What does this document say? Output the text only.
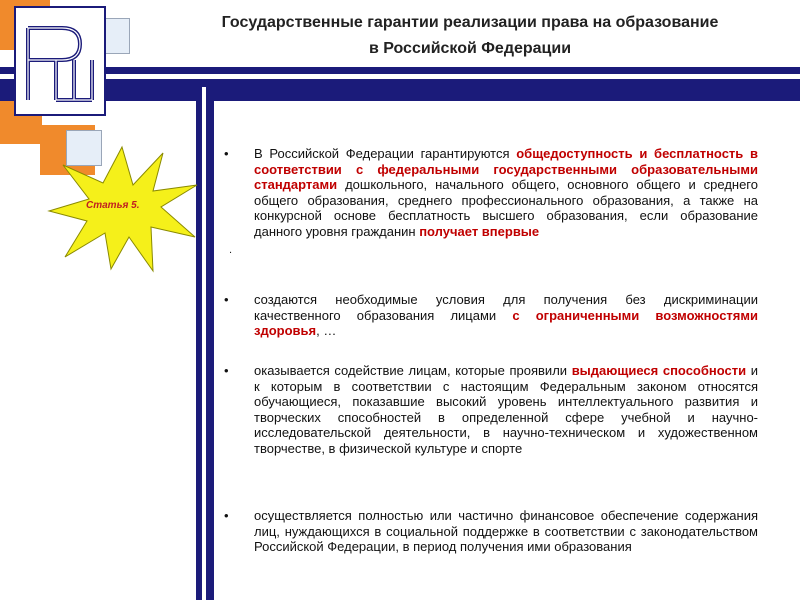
Государственные гарантии реализации права на образование
в Российской Федерации
Статья 5.
.
• В Российской Федерации гарантируются общедоступность и бесплатность в соответствии с федеральными государственными образовательными стандартами дошкольного, начального общего, основного общего и среднего общего образования, среднего профессионального образования, а также на конкурсной основе бесплатность высшего образования, если образование данного уровня гражданин получает впервые
• создаются необходимые условия для получения без дискриминации качественного образования лицами с ограниченными возможностями здоровья, …
• оказывается содействие лицам, которые проявили выдающиеся способности и к которым в соответствии с настоящим Федеральным законом относятся обучающиеся, показавшие высокий уровень интеллектуального развития и творческих способностей в определенной сфере учебной и научно-исследовательской деятельности, в научно-техническом и художественном творчестве, в физической культуре и спорте
• осуществляется полностью или частично финансовое обеспечение содержания лиц, нуждающихся в социальной поддержке в соответствии с законодательством Российской Федерации, в период получения ими образования
